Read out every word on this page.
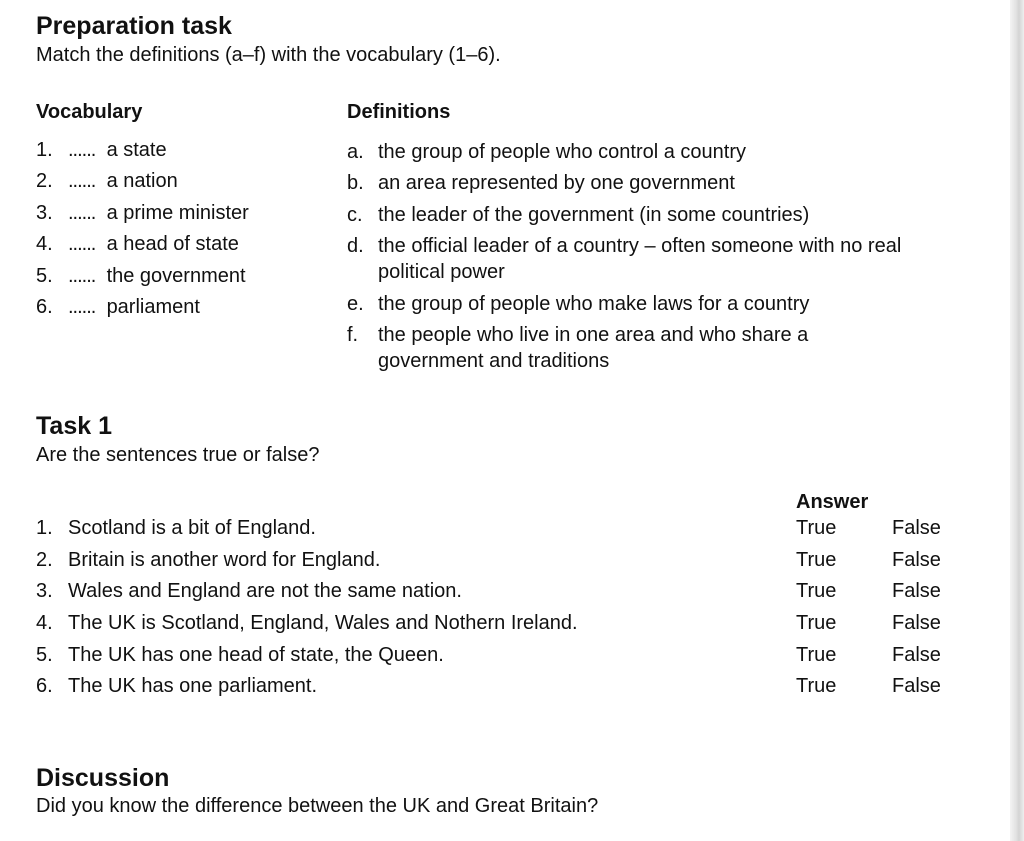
Preparation task
Match the definitions (a–f) with the vocabulary (1–6).
Vocabulary	Definitions
1. ...... a state
2. ...... a nation
3. ...... a prime minister
4. ...... a head of state
5. ...... the government
6. ...... parliament
a. the group of people who control a country
b. an area represented by one government
c. the leader of the government (in some countries)
d. the official leader of a country – often someone with no real political power
e. the group of people who make laws for a country
f. the people who live in one area and who share a government and traditions
Task 1
Are the sentences true or false?
Answer
1. Scotland is a bit of England.	True	False
2. Britain is another word for England.	True	False
3. Wales and England are not the same nation.	True	False
4. The UK is Scotland, England, Wales and Nothern Ireland.	True	False
5. The UK has one head of state, the Queen.	True	False
6. The UK has one parliament.	True	False
Discussion
Did you know the difference between the UK and Great Britain?
